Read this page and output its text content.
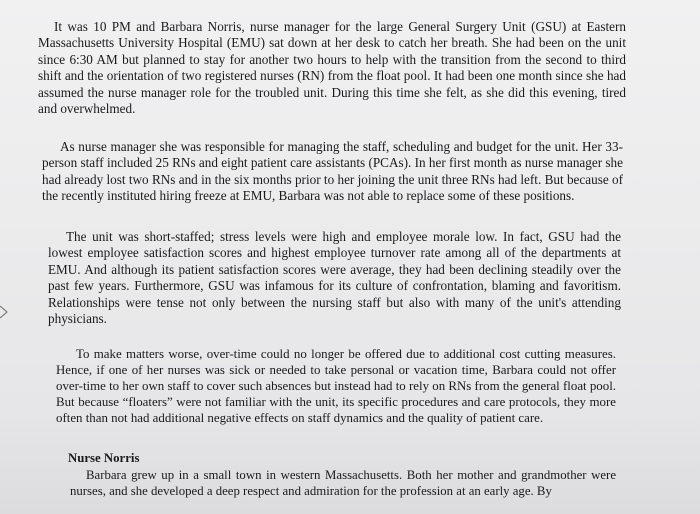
It was 10 PM and Barbara Norris, nurse manager for the large General Surgery Unit (GSU) at Eastern Massachusetts University Hospital (EMU) sat down at her desk to catch her breath. She had been on the unit since 6:30 AM but planned to stay for another two hours to help with the transition from the second to third shift and the orientation of two registered nurses (RN) from the float pool. It had been one month since she had assumed the nurse manager role for the troubled unit. During this time she felt, as she did this evening, tired and overwhelmed.

As nurse manager she was responsible for managing the staff, scheduling and budget for the unit. Her 33-person staff included 25 RNs and eight patient care assistants (PCAs). In her first month as nurse manager she had already lost two RNs and in the six months prior to her joining the unit three RNs had left. But because of the recently instituted hiring freeze at EMU, Barbara was not able to replace some of these positions.

The unit was short-staffed; stress levels were high and employee morale low. In fact, GSU had the lowest employee satisfaction scores and highest employee turnover rate among all of the departments at EMU. And although its patient satisfaction scores were average, they had been declining steadily over the past few years. Furthermore, GSU was infamous for its culture of confrontation, blaming and favoritism. Relationships were tense not only between the nursing staff but also with many of the unit's attending physicians.

To make matters worse, over-time could no longer be offered due to additional cost cutting measures. Hence, if one of her nurses was sick or needed to take personal or vacation time, Barbara could not offer over-time to her own staff to cover such absences but instead had to rely on RNs from the general float pool. But because “floaters” were not familiar with the unit, its specific procedures and care protocols, they more often than not had additional negative effects on staff dynamics and the quality of patient care.

Nurse Norris

Barbara grew up in a small town in western Massachusetts. Both her mother and grandmother were nurses, and she developed a deep respect and admiration for the profession at an early age. By
